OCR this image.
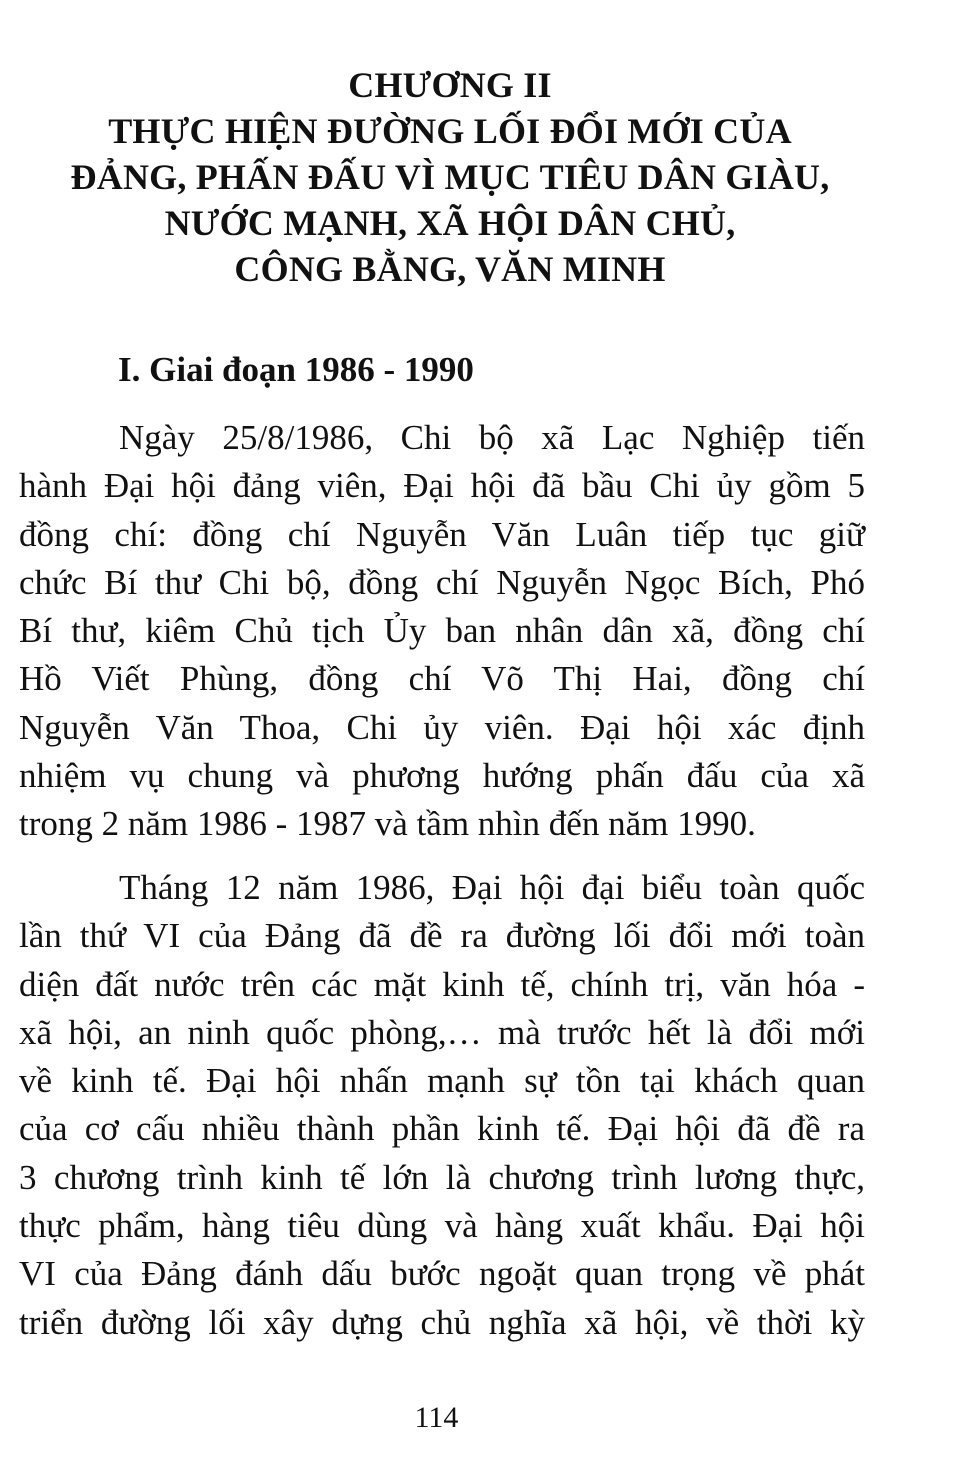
CHƯƠNG II
THỰC HIỆN ĐƯỜNG LỐI ĐỔI MỚI CỦA
ĐẢNG, PHẤN ĐẤU VÌ MỤC TIÊU DÂN GIÀU,
NƯỚC MẠNH, XÃ HỘI DÂN CHỦ,
CÔNG BẰNG, VĂN MINH
I. Giai đoạn 1986 - 1990
Ngày 25/8/1986, Chi bộ xã Lạc Nghiệp tiến
hành Đại hội đảng viên, Đại hội đã bầu Chi ủy gồm 5
đồng chí: đồng chí Nguyễn Văn Luân tiếp tục giữ
chức Bí thư Chi bộ, đồng chí Nguyễn Ngọc Bích, Phó
Bí thư, kiêm Chủ tịch Ủy ban nhân dân xã, đồng chí
Hồ Viết Phùng, đồng chí Võ Thị Hai, đồng chí
Nguyễn Văn Thoa, Chi ủy viên. Đại hội xác định
nhiệm vụ chung và phương hướng phấn đấu của xã
trong 2 năm 1986 - 1987 và tầm nhìn đến năm 1990.
Tháng 12 năm 1986, Đại hội đại biểu toàn quốc
lần thứ VI của Đảng đã đề ra đường lối đổi mới toàn
diện đất nước trên các mặt kinh tế, chính trị, văn hóa -
xã hội, an ninh quốc phòng,… mà trước hết là đổi mới
về kinh tế. Đại hội nhấn mạnh sự tồn tại khách quan
của cơ cấu nhiều thành phần kinh tế. Đại hội đã đề ra
3 chương trình kinh tế lớn là chương trình lương thực,
thực phẩm, hàng tiêu dùng và hàng xuất khẩu. Đại hội
VI của Đảng đánh dấu bước ngoặt quan trọng về phát
triển đường lối xây dựng chủ nghĩa xã hội, về thời kỳ
114
